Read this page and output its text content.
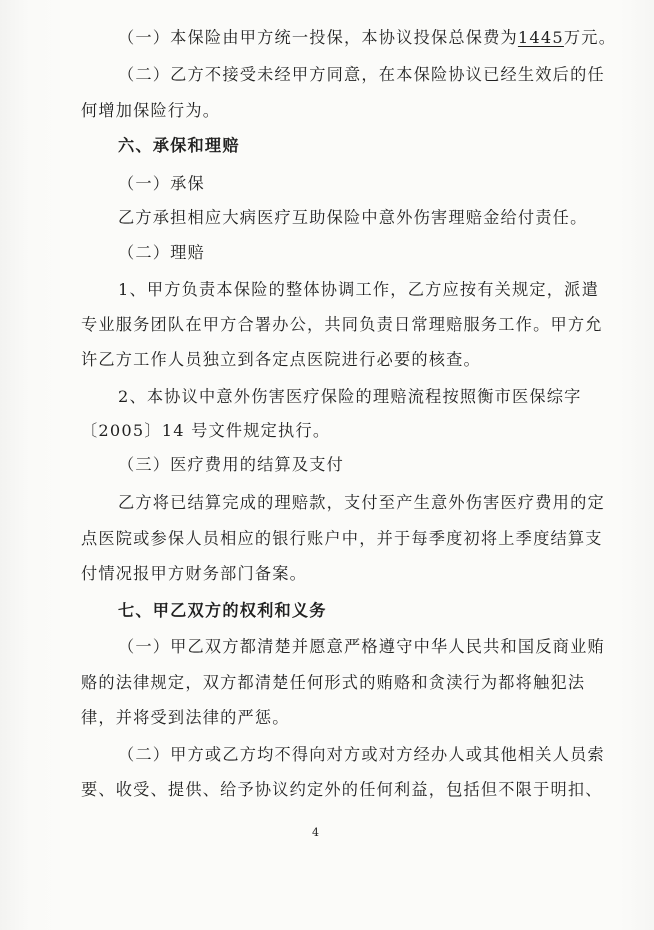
（一）本保险由甲方统一投保，本协议投保总保费为1445万元。
（二）乙方不接受未经甲方同意，在本保险协议已经生效后的任
何增加保险行为。
六、承保和理赔
（一）承保
乙方承担相应大病医疗互助保险中意外伤害理赔金给付责任。
（二）理赔
1、甲方负责本保险的整体协调工作，乙方应按有关规定，派遣
专业服务团队在甲方合署办公，共同负责日常理赔服务工作。甲方允
许乙方工作人员独立到各定点医院进行必要的核查。
2、本协议中意外伤害医疗保险的理赔流程按照衡市医保综字
〔2005〕14 号文件规定执行。
（三）医疗费用的结算及支付
乙方将已结算完成的理赔款，支付至产生意外伤害医疗费用的定
点医院或参保人员相应的银行账户中，并于每季度初将上季度结算支
付情况报甲方财务部门备案。
七、甲乙双方的权利和义务
（一）甲乙双方都清楚并愿意严格遵守中华人民共和国反商业贿
赂的法律规定，双方都清楚任何形式的贿赂和贪渎行为都将触犯法
律，并将受到法律的严惩。
（二）甲方或乙方均不得向对方或对方经办人或其他相关人员索
要、收受、提供、给予协议约定外的任何利益，包括但不限于明扣、
4
